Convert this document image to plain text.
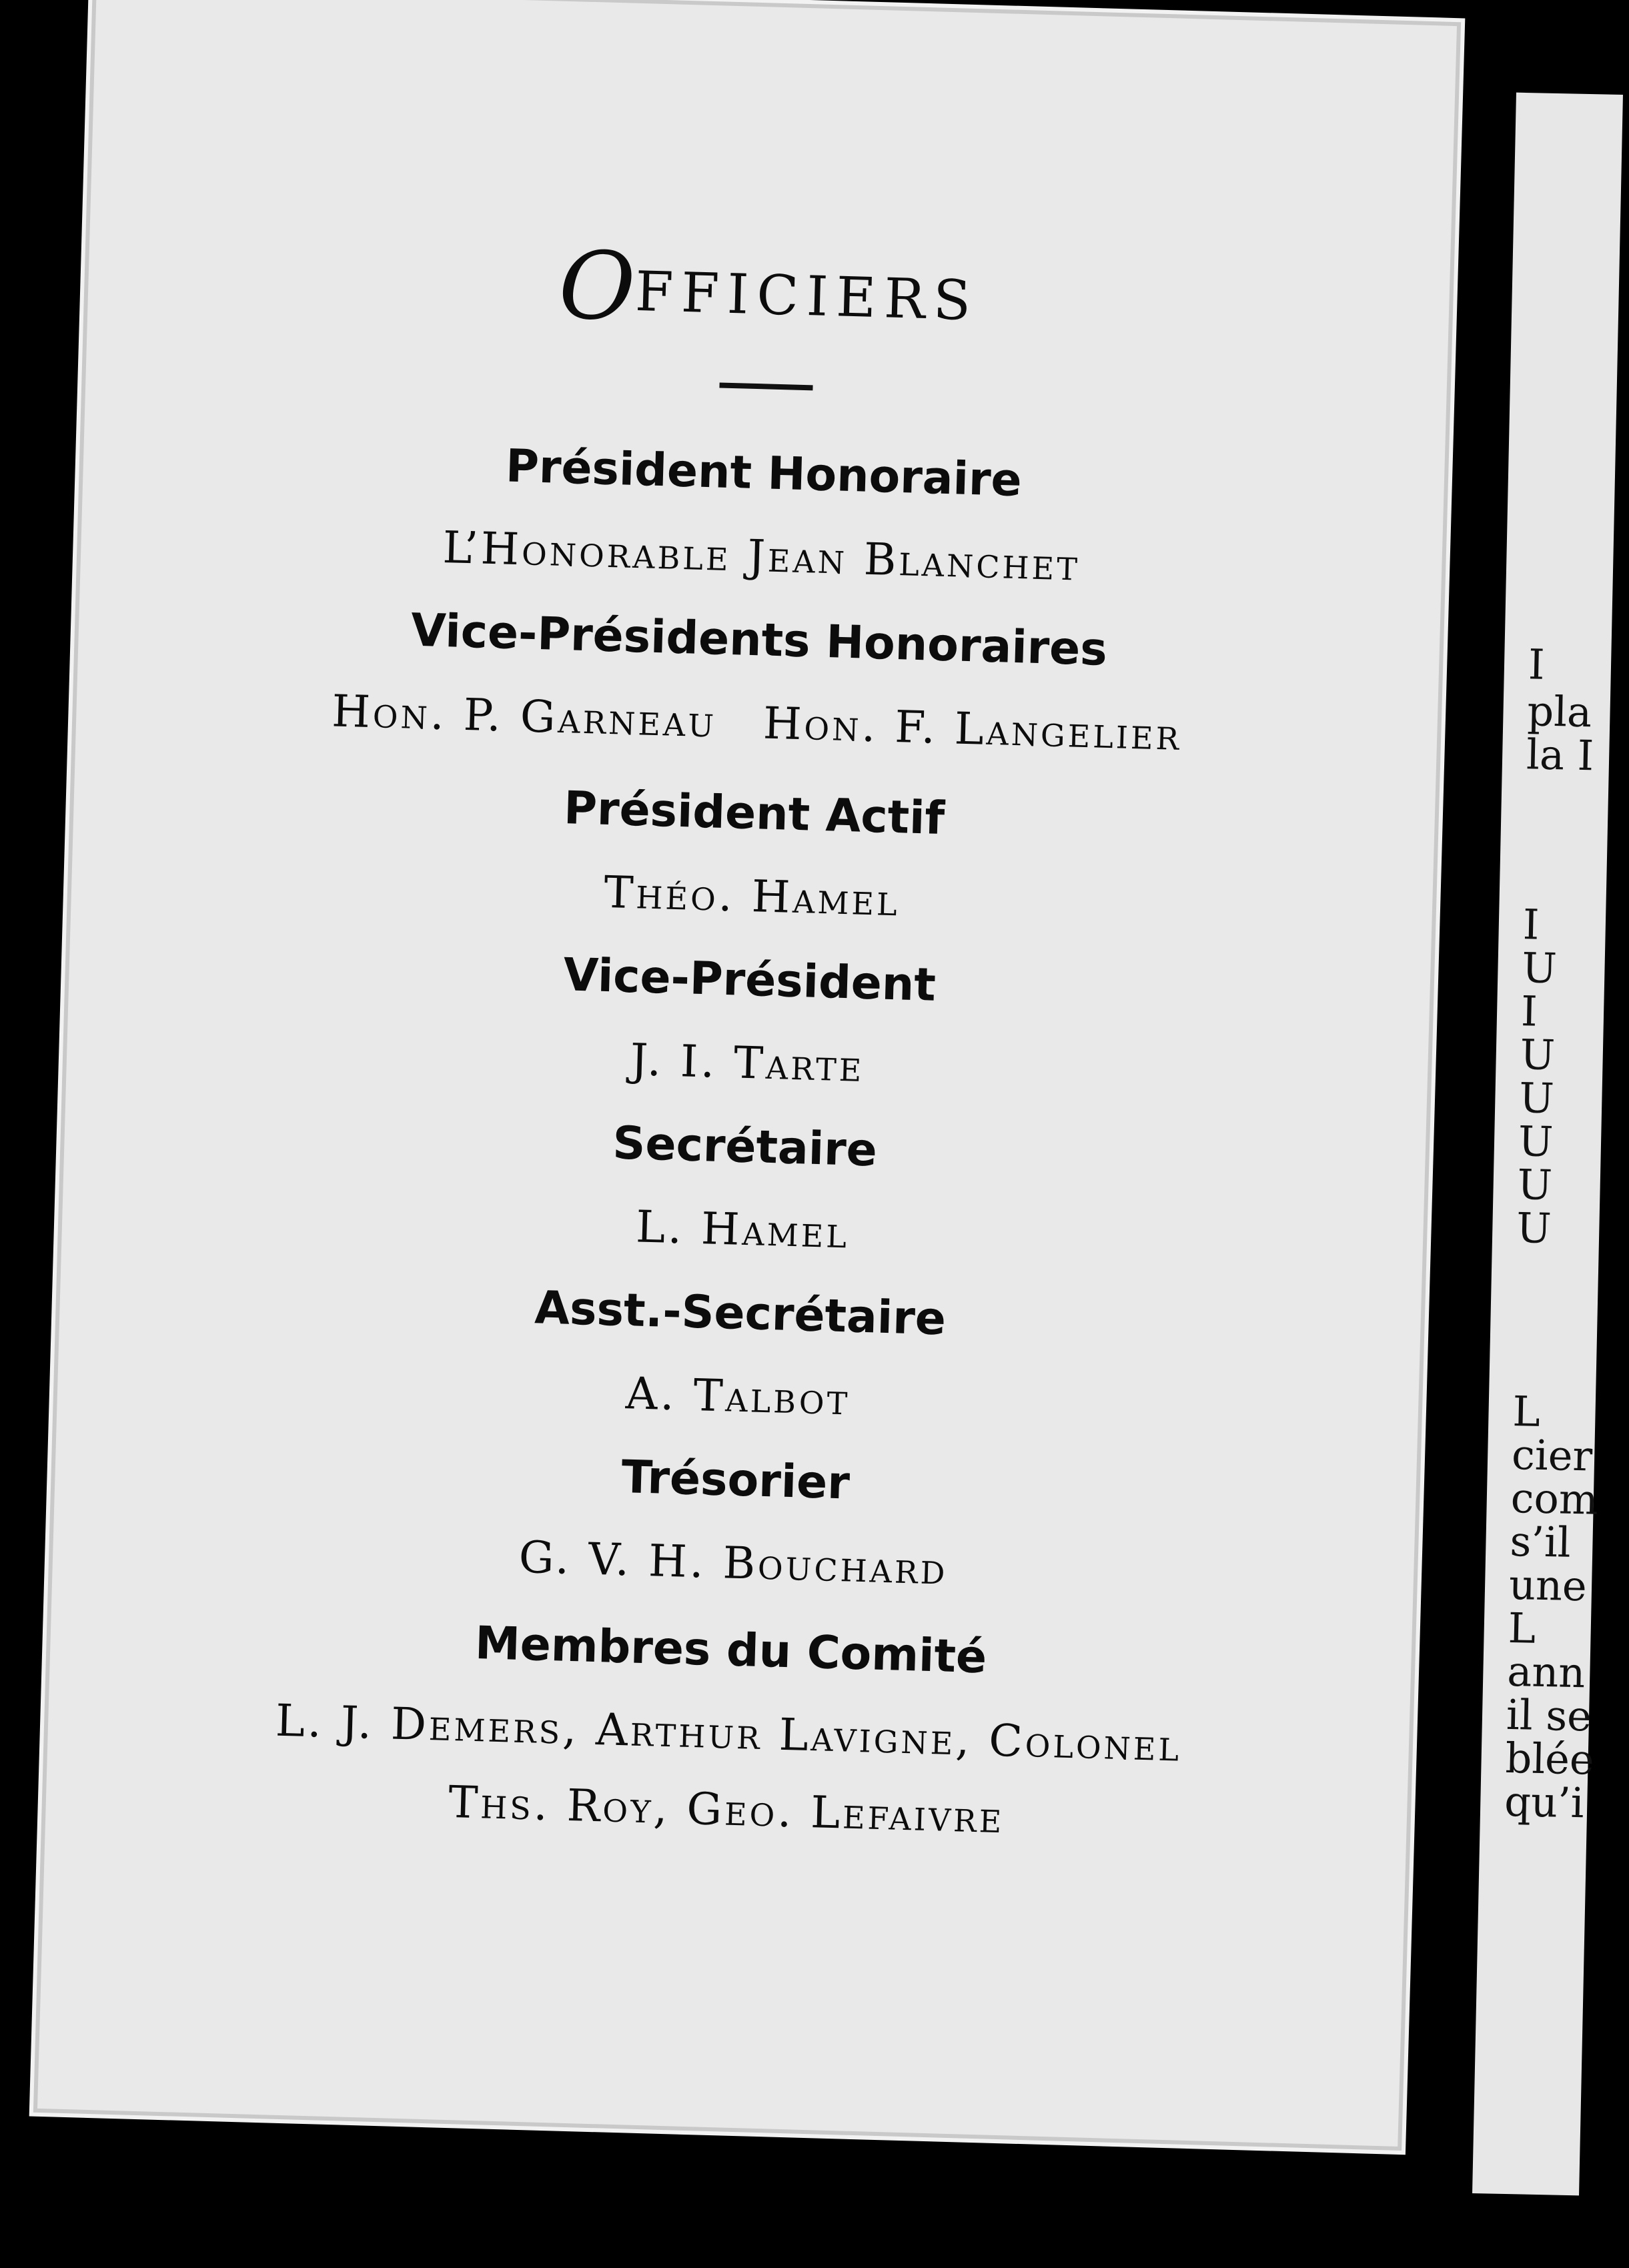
OFFICIERS
Président Honoraire
L’Honorable Jean Blanchet
Vice-Présidents Honoraires
Hon. P. Garneau Hon. F. Langelier
Président Actif
Théo. Hamel
Vice-Président
J. I. Tarte
Secrétaire
L. Hamel
Asst.-Secrétaire
A. Talbot
Trésorier
G. V. H. Bouchard
Membres du Comité
L. J. Demers, Arthur Lavigne, Colonel
Ths. Roy, Geo. Lefaivre
I
pla
la I
I
U
I
U
U
U
U
U
L
cier
com
s’il
une
L
ann
il se
blée
qu’i
